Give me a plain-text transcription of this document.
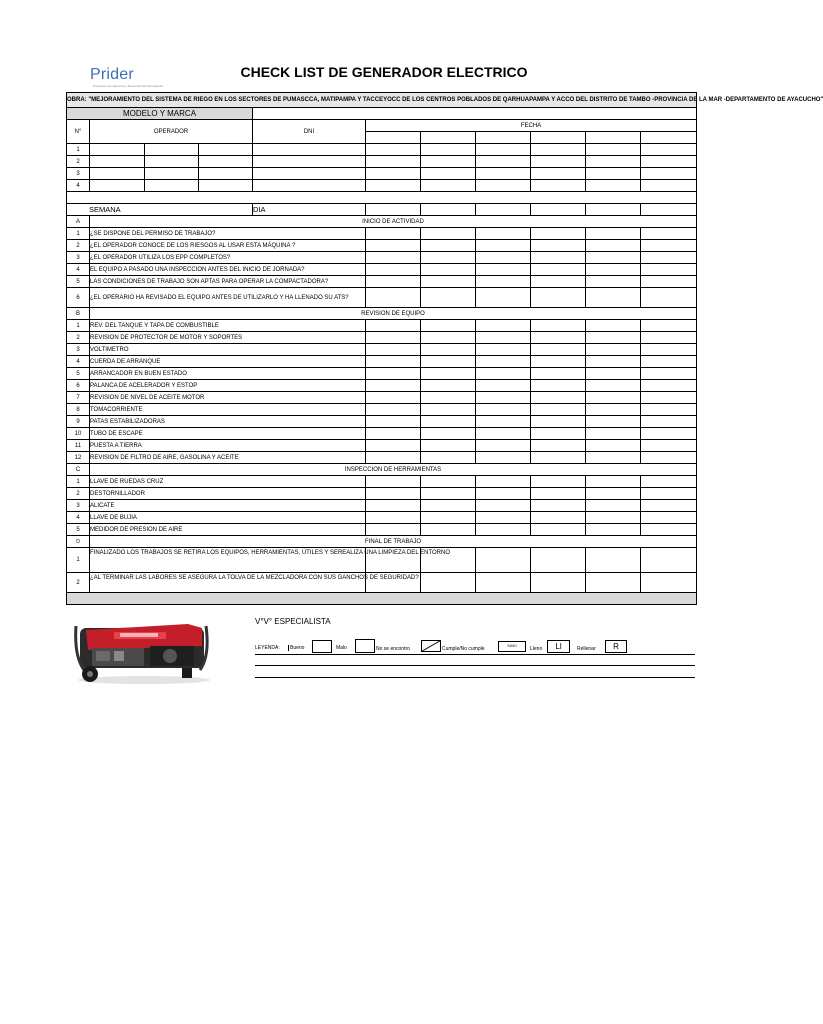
Prider
Proyectos de Ingeniería y Desarrollo Rural Integrado
CHECK LIST DE GENERADOR ELECTRICO
OBRA: "MEJORAMIENTO DEL SISTEMA DE RIEGO EN LOS SECTORES DE PUMASCCA, MATIPAMPA Y TACCEYOCC DE LOS CENTROS POBLADOS DE QARHUAPAMPA Y ACCO DEL DISTRITO DE TAMBO -PROVINCIA DE LA MAR -DEPARTAMENTO DE AYACUCHO"										
MODELO Y MARCA										
N°	OPERADOR			DNI	FECHA					

1										
2										
3										
4										

SEMANA				DIA						
A	INICIO DE ACTIVIDAD									
1	¿SE DISPONE DEL PERMISO DE TRABAJO?									
2	¿EL OPERADOR CONOCE DE LOS RIESGOS AL USAR ESTA MÁQUINA ?									
3	¿EL OPERADOR UTILIZA LOS EPP COMPLETOS?									
4	EL EQUIPO A PASADO UNA INSPECCION ANTES DEL INICIO DE JORNADA?									
5	LAS CONDICIONES DE TRABAJO SON APTAS PARA OPERAR LA COMPACTADORA?									
6	¿EL OPERARIO HA REVISADO EL EQUIPO ANTES DE UTILIZARLO Y HA LLENADO SU ATS?									
B	REVISION DE EQUIPO									
1	REV. DEL TANQUE Y TAPA DE COMBUSTIBLE									
2	REVISION DE PROTECTOR DE MOTOR Y SOPORTES									
3	VOLTIMETRO									
4	CUERDA DE ARRANQUE									
5	ARRANCADOR EN BUEN ESTADO									
6	PALANCA DE ACELERADOR Y ESTOP									
7	REVISION DE NIVEL DE ACEITE MOTOR									
8	TOMACORRIENTE									
9	PATAS ESTABILIZADORAS									
10	TUBO DE ESCAPE									
11	PUESTA A TIERRA									
12	REVISION DE FILTRO DE AIRE, GASOLINA Y ACEITE									
C	INSPECCION DE HERRAMIENTAS									
1	LLAVE DE RUEDAS CRUZ									
2	DESTORNILLADOR									
3	ALICATE									
4	LLAVE DE BUJIA									
5	MEDIDOR DE PRESION DE AIRE									
D	FINAL DE TRABAJO									
1	FINALIZADO LOS TRABAJOS SE RETIRA LOS EQUIPOS, HERRAMIENTAS, ÚTILES Y SEREALIZA UNA LIMPIEZA DEL ENTORNO									
2	¿AL TERMINAR LAS LABORES SE ASEGURA LA TOLVA DE LA MEZCLADORA CON SUS GANCHOS DE SEGURIDAD?									

V°V° ESPECIALISTA
LEYENDA:	Bueno	Malo	No se encontro	Cumple/No cumple	SI/NO	Lleno	Ll	Rellenar	R
